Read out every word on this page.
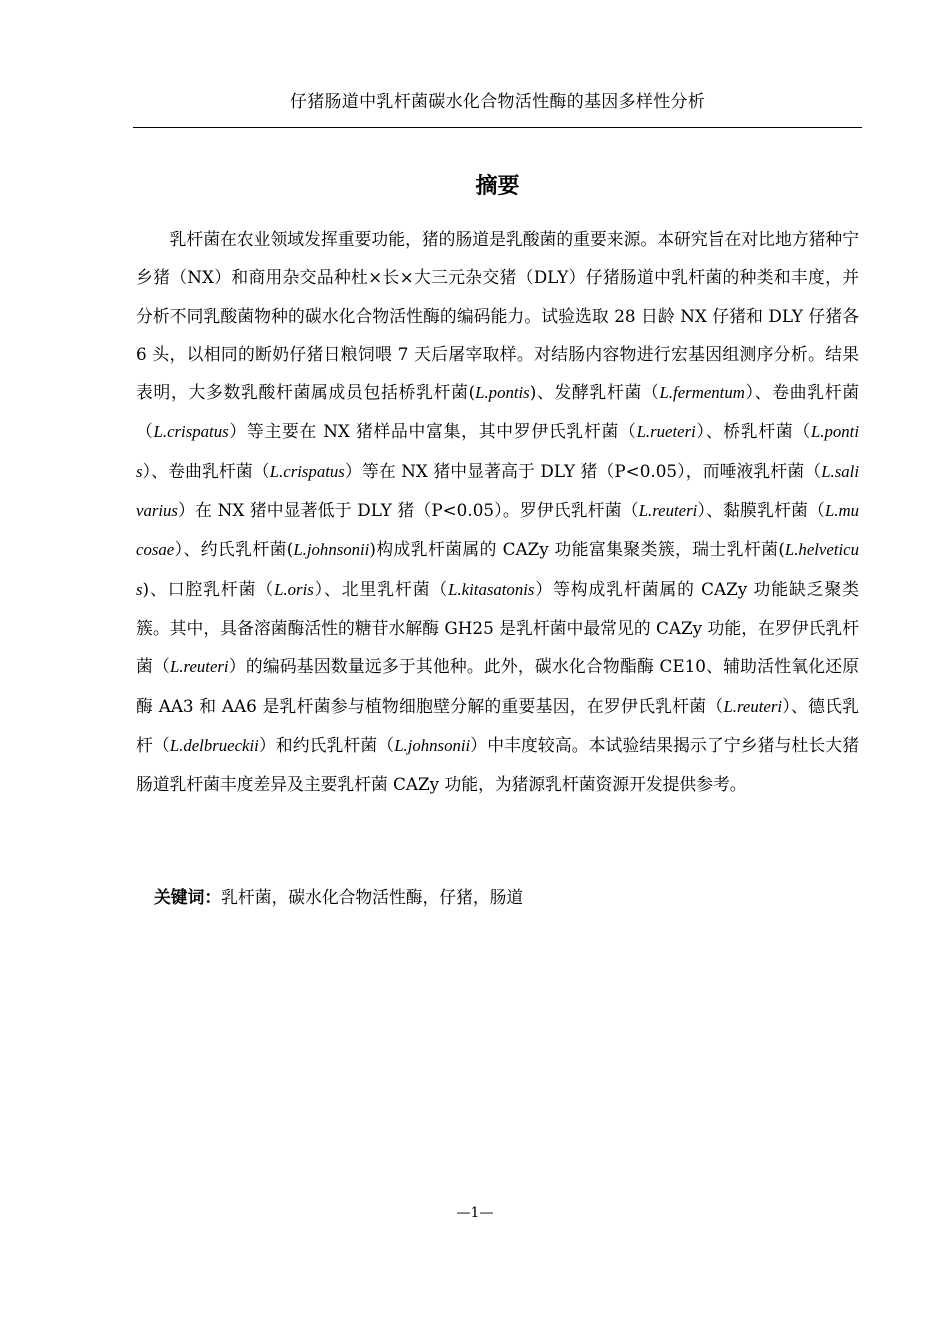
仔猪肠道中乳杆菌碳水化合物活性酶的基因多样性分析
摘要

乳杆菌在农业领域发挥重要功能，猪的肠道是乳酸菌的重要来源。本研究旨在对比地方猪种宁乡猪（NX）和商用杂交品种杜×长×大三元杂交猪（DLY）仔猪肠道中乳杆菌的种类和丰度，并分析不同乳酸菌物种的碳水化合物活性酶的编码能力。试验选取 28 日龄 NX 仔猪和 DLY 仔猪各 6 头，以相同的断奶仔猪日粮饲喂 7 天后屠宰取样。对结肠内容物进行宏基因组测序分析。结果表明，大多数乳酸杆菌属成员包括桥乳杆菌(L.pontis)、发酵乳杆菌（L.fermentum）、卷曲乳杆菌（L.crispatus）等主要在 NX 猪样品中富集，其中罗伊氏乳杆菌（L.rueteri）、桥乳杆菌（L.pontis）、卷曲乳杆菌（L.crispatus）等在 NX 猪中显著高于 DLY 猪（P<0.05），而唾液乳杆菌（L.salivarius）在 NX 猪中显著低于 DLY 猪（P<0.05）。罗伊氏乳杆菌（L.reuteri）、黏膜乳杆菌（L.mucosae）、约氏乳杆菌(L.johnsonii)构成乳杆菌属的 CAZy 功能富集聚类簇，瑞士乳杆菌(L.helveticus)、口腔乳杆菌（L.oris）、北里乳杆菌（L.kitasatonis）等构成乳杆菌属的 CAZy 功能缺乏聚类簇。其中，具备溶菌酶活性的糖苷水解酶 GH25 是乳杆菌中最常见的 CAZy 功能，在罗伊氏乳杆菌（L.reuteri）的编码基因数量远多于其他种。此外，碳水化合物酯酶 CE10、辅助活性氧化还原酶 AA3 和 AA6 是乳杆菌参与植物细胞壁分解的重要基因，在罗伊氏乳杆菌（L.reuteri）、德氏乳杆（L.delbrueckii）和约氏乳杆菌（L.johnsonii）中丰度较高。本试验结果揭示了宁乡猪与杜长大猪肠道乳杆菌丰度差异及主要乳杆菌 CAZy 功能，为猪源乳杆菌资源开发提供参考。

关键词：乳杆菌，碳水化合物活性酶，仔猪，肠道
—1—
